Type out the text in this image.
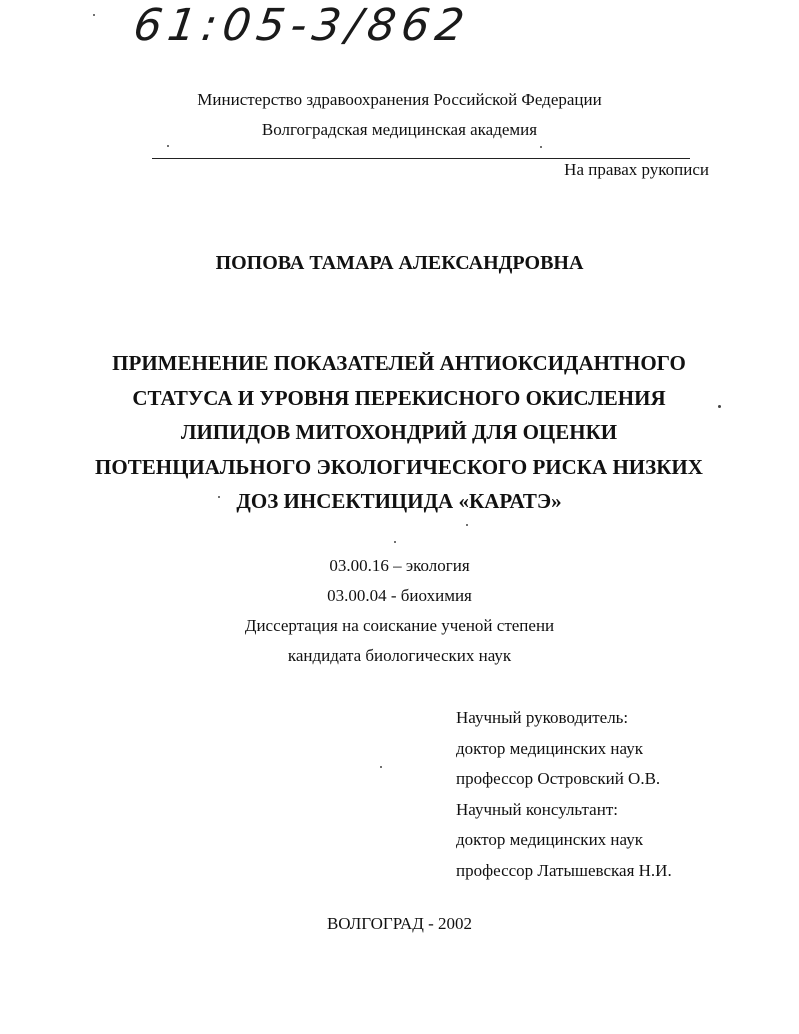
61:05-3/862
Министерство здравоохранения Российской Федерации
Волгоградская медицинская академия
На правах рукописи
ПОПОВА ТАМАРА АЛЕКСАНДРОВНА
ПРИМЕНЕНИЕ ПОКАЗАТЕЛЕЙ АНТИОКСИДАНТНОГО
СТАТУСА И УРОВНЯ ПЕРЕКИСНОГО ОКИСЛЕНИЯ
ЛИПИДОВ МИТОХОНДРИЙ ДЛЯ ОЦЕНКИ
ПОТЕНЦИАЛЬНОГО ЭКОЛОГИЧЕСКОГО РИСКА НИЗКИХ
ДОЗ ИНСЕКТИЦИДА «КАРАТЭ»
03.00.16 – экология
03.00.04 - биохимия
Диссертация на соискание ученой степени
кандидата биологических наук
Научный руководитель:
доктор медицинских наук
профессор Островский О.В.
Научный консультант:
доктор медицинских наук
профессор Латышевская Н.И.
ВОЛГОГРАД - 2002
